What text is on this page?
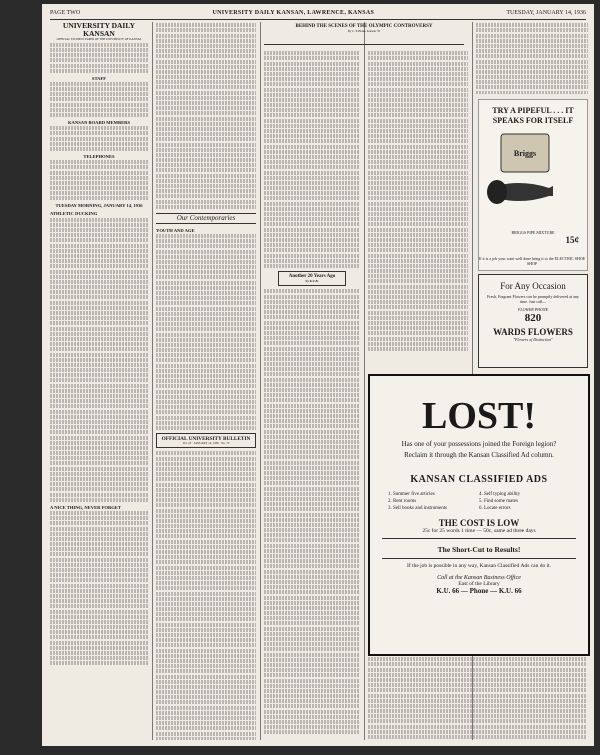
PAGE TWO	UNIVERSITY DAILY KANSAN, LAWRENCE, KANSAS	TUESDAY, JANUARY 14, 1936
UNIVERSITY DAILY KANSAN
OFFICIAL STUDENT PAPER OF THE UNIVERSITY OF KANSAS
STAFF
KANSAN BOARD MEMBERS
TELEPHONES
TUESDAY MORNING, JANUARY 14, 1936
ATHLETIC DUCKING
A NICE THING, NEVER FORGET
Our Contemporaries
YOUTH AND AGE
OFFICIAL UNIVERSITY BULLETIN
Vol. 23 · JANUARY 14, 1936 · No. 72
BEHIND THE SCENES OF THE OLYMPIC CONTROVERSY
By C. P. Blake, Kansan '35
Another 20 Years Ago
by K.U.B.
TRY A PIPEFUL . . . IT SPEAKS FOR ITSELF
Briggs
BRIGGS PIPE MIXTURE
15¢
If it is a job your want well done bring it to the ELECTRIC SHOE SHOP
For Any Occasion
Fresh, Fragrant Flowers can be promptly delivered at any time. Just call—
FLOWER PHONE
820
WARDS FLOWERS
"Flowers of Distinction"
LOST!
Has one of your possessions joined the Foreign legion?
Reclaim it through the Kansan Classified Ad column.
KANSAN CLASSIFIED ADS
1. Summer five articles	4. Self typing ability
2. Rent rooms	5. Find some mates
3. Sell books and instruments	6. Locate errors
THE COST IS LOW
25c for 25 words 1 time — 50c, same ad three days
The Short-Cut to Results!
If the job is possible in any way, Kansan Classified Ads can do it.
Call at the Kansan Business Office
East of the Library
K.U. 66 — Phone — K.U. 66
